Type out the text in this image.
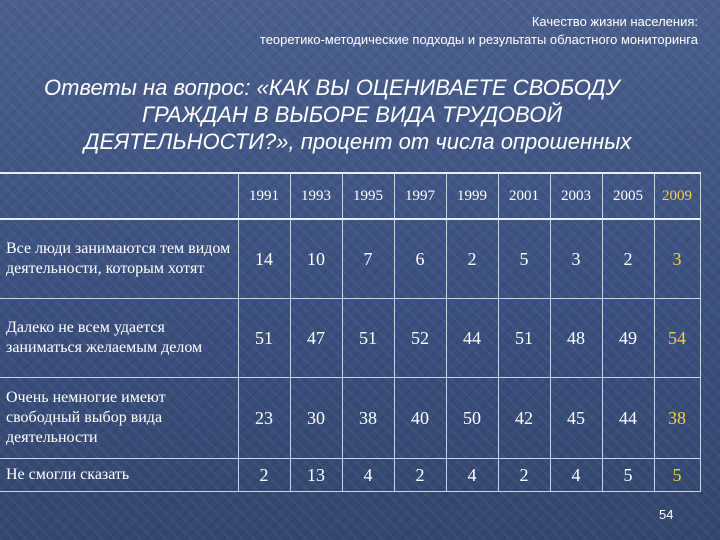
Качество жизни населения:
теоретико-методические подходы и результаты областного мониторинга
Ответы на вопрос: «КАК ВЫ ОЦЕНИВАЕТЕ СВОБОДУ
ГРАЖДАН В ВЫБОРЕ ВИДА ТРУДОВОЙ
ДЕЯТЕЛЬНОСТИ?», процент от числа опрошенных
	1991	1993	1995	1997	1999	2001	2003	2005	2009
Все люди занимаются тем видом деятельности, которым хотят	14	10	7	6	2	5	3	2	3
Далеко не всем удается заниматься желаемым делом	51	47	51	52	44	51	48	49	54
Очень немногие имеют свободный выбор вида деятельности	23	30	38	40	50	42	45	44	38
Не смогли сказать	2	13	4	2	4	2	4	5	5
54
